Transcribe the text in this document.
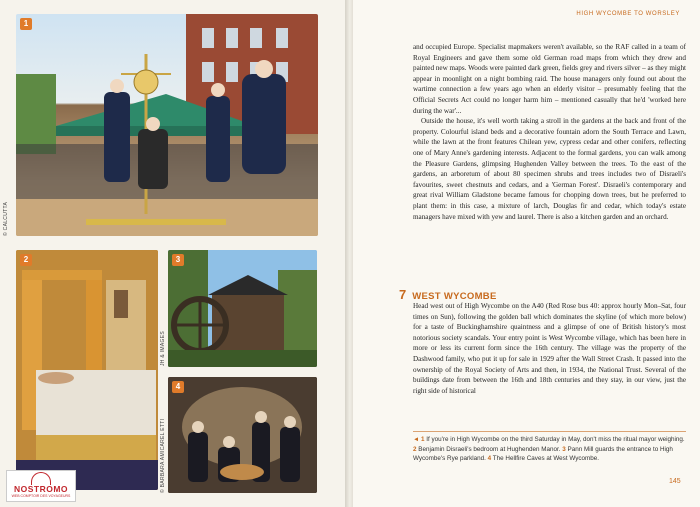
1
© CALCUTTA
2	3
JH & IMAGES
4
© BARBARA AMICAREL ETTI
NOSTROMO
WEB COMPTOIR DES VOYAGEURS
HIGH WYCOMBE TO WORSLEY

and occupied Europe. Specialist mapmakers weren't available, so the RAF called in a team of Royal Engineers and gave them some old German road maps from which they drew and painted new maps. Woods were painted dark green, fields grey and rivers silver – as they might appear in moonlight on a night bombing raid. The house managers only found out about the wartime connection a few years ago when an elderly visitor – presumably feeling that the Official Secrets Act could no longer harm him – mentioned casually that he'd 'worked here during the war'...

Outside the house, it's well worth taking a stroll in the gardens at the back and front of the property. Colourful island beds and a decorative fountain adorn the South Terrace and Lawn, while the lawn at the front features Chilean yew, cypress cedar and other conifers, reflecting one of Mary Anne's gardening interests. Adjacent to the formal gardens, you can walk among the Pleasure Gardens, glimpsing Hughenden Valley between the trees. To the east of the gardens, an arboretum of about 80 specimen shrubs and trees includes two of Disraeli's favourites, sweet chestnuts and cedars, and a 'German Forest'. Disraeli's contemporary and great rival William Gladstone became famous for chopping down trees, but he preferred to plant them: in this case, a mixture of larch, Douglas fir and cedar, which today's estate managers have mixed with yew and laurel. There is also a kitchen garden and an orchard.

7 WEST WYCOMBE

Head west out of High Wycombe on the A40 (Red Rose bus 40: approx hourly Mon–Sat, four times on Sun), following the golden ball which dominates the skyline (of which more below) for a taste of Buckinghamshire quaintness and a glimpse of one of British history's most notorious society scandals. Your entry point is West Wycombe village, which has been here in more or less its current form since the 16th century. The village was the property of the Dashwood family, who put it up for sale in 1929 after the Wall Street Crash. It passed into the ownership of the Royal Society of Arts and then, in 1934, the National Trust. Several of the buildings date from between the 16th and 18th centuries and they stay, in our view, just the right side of historical

◄ 1 If you're in High Wycombe on the third Saturday in May, don't miss the ritual mayor weighing. 2 Benjamin Disraeli's bedroom at Hughenden Manor. 3 Pann Mill guards the entrance to High Wycombe's Rye parkland. 4 The Hellfire Caves at West Wycombe.
145
